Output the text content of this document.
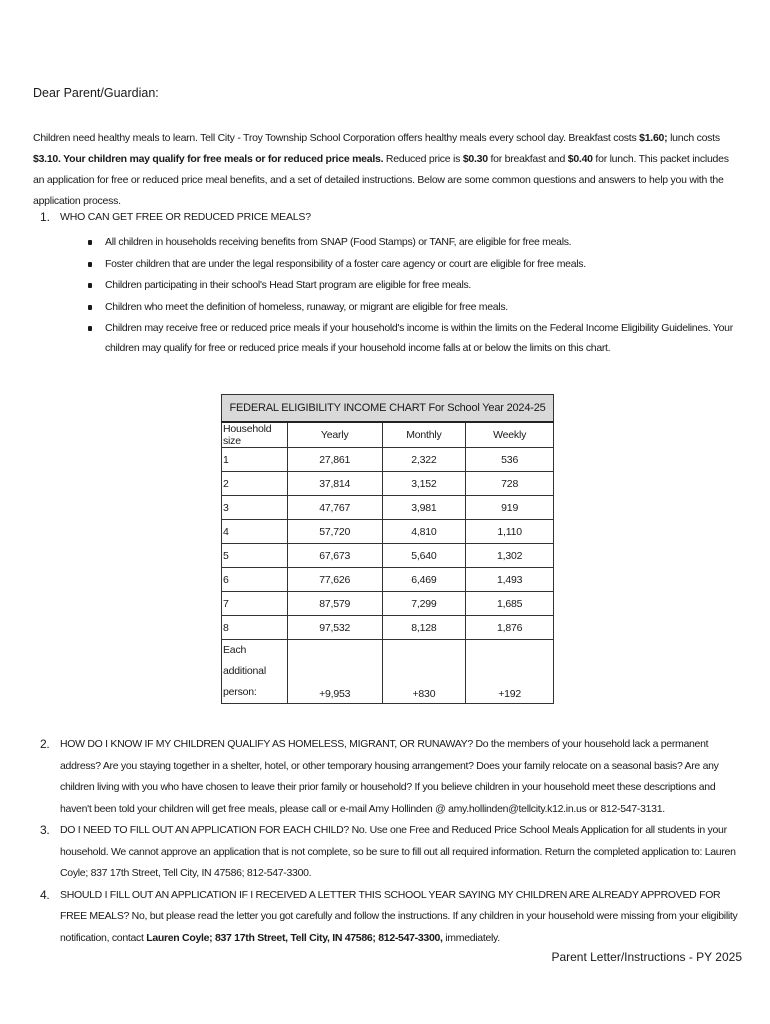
Dear Parent/Guardian:
Children need healthy meals to learn. Tell City - Troy Township School Corporation offers healthy meals every school day. Breakfast costs $1.60; lunch costs $3.10. Your children may qualify for free meals or for reduced price meals. Reduced price is $0.30 for breakfast and $0.40 for lunch. This packet includes an application for free or reduced price meal benefits, and a set of detailed instructions. Below are some common questions and answers to help you with the application process.
1. WHO CAN GET FREE OR REDUCED PRICE MEALS?
All children in households receiving benefits from SNAP (Food Stamps) or TANF, are eligible for free meals.
Foster children that are under the legal responsibility of a foster care agency or court are eligible for free meals.
Children participating in their school's Head Start program are eligible for free meals.
Children who meet the definition of homeless, runaway, or migrant are eligible for free meals.
Children may receive free or reduced price meals if your household's income is within the limits on the Federal Income Eligibility Guidelines. Your children may qualify for free or reduced price meals if your household income falls at or below the limits on this chart.
FEDERAL ELIGIBILITY INCOME CHART For School Year 2024-25			
Household size	Yearly	Monthly	Weekly
1	27,861	2,322	536
2	37,814	3,152	728
3	47,767	3,981	919
4	57,720	4,810	1,110
5	67,673	5,640	1,302
6	77,626	6,469	1,493
7	87,579	7,299	1,685
8	97,532	8,128	1,876
Each additional
person:	+9,953	+830	+192
2. HOW DO I KNOW IF MY CHILDREN QUALIFY AS HOMELESS, MIGRANT, OR RUNAWAY? Do the members of your household lack a permanent address? Are you staying together in a shelter, hotel, or other temporary housing arrangement? Does your family relocate on a seasonal basis? Are any children living with you who have chosen to leave their prior family or household? If you believe children in your household meet these descriptions and haven't been told your children will get free meals, please call or e-mail Amy Hollinden @ amy.hollinden@tellcity.k12.in.us or 812-547-3131.
3. DO I NEED TO FILL OUT AN APPLICATION FOR EACH CHILD? No. Use one Free and Reduced Price School Meals Application for all students in your household. We cannot approve an application that is not complete, so be sure to fill out all required information. Return the completed application to: Lauren Coyle; 837 17th Street, Tell City, IN 47586; 812-547-3300.
4. SHOULD I FILL OUT AN APPLICATION IF I RECEIVED A LETTER THIS SCHOOL YEAR SAYING MY CHILDREN ARE ALREADY APPROVED FOR FREE MEALS? No, but please read the letter you got carefully and follow the instructions. If any children in your household were missing from your eligibility notification, contact Lauren Coyle; 837 17th Street, Tell City, IN 47586; 812-547-3300, immediately.
Parent Letter/Instructions - PY 2025
